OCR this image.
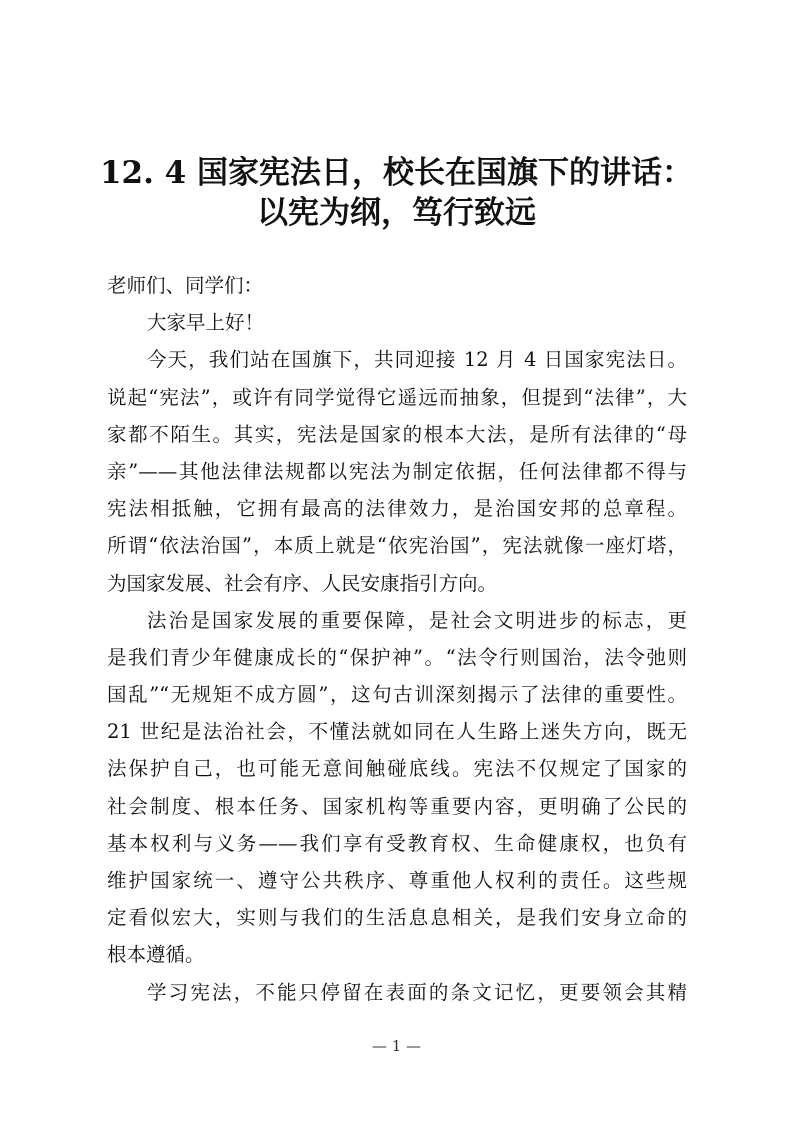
12. 4 国家宪法日，校长在国旗下的讲话：
以宪为纲，笃行致远
老师们、同学们：
大家早上好！
今天，我们站在国旗下，共同迎接 12 月 4 日国家宪法日。
说起“宪法”，或许有同学觉得它遥远而抽象，但提到“法律”，大
家都不陌生。其实，宪法是国家的根本大法，是所有法律的“母
亲”——其他法律法规都以宪法为制定依据，任何法律都不得与
宪法相抵触，它拥有最高的法律效力，是治国安邦的总章程。
所谓“依法治国”，本质上就是“依宪治国”，宪法就像一座灯塔，
为国家发展、社会有序、人民安康指引方向。
法治是国家发展的重要保障，是社会文明进步的标志，更
是我们青少年健康成长的“保护神”。“法令行则国治，法令弛则
国乱”“无规矩不成方圆”，这句古训深刻揭示了法律的重要性。
21 世纪是法治社会，不懂法就如同在人生路上迷失方向，既无
法保护自己，也可能无意间触碰底线。宪法不仅规定了国家的
社会制度、根本任务、国家机构等重要内容，更明确了公民的
基本权利与义务——我们享有受教育权、生命健康权，也负有
维护国家统一、遵守公共秩序、尊重他人权利的责任。这些规
定看似宏大，实则与我们的生活息息相关，是我们安身立命的
根本遵循。
学习宪法，不能只停留在表面的条文记忆，更要领会其精
— 1 —
